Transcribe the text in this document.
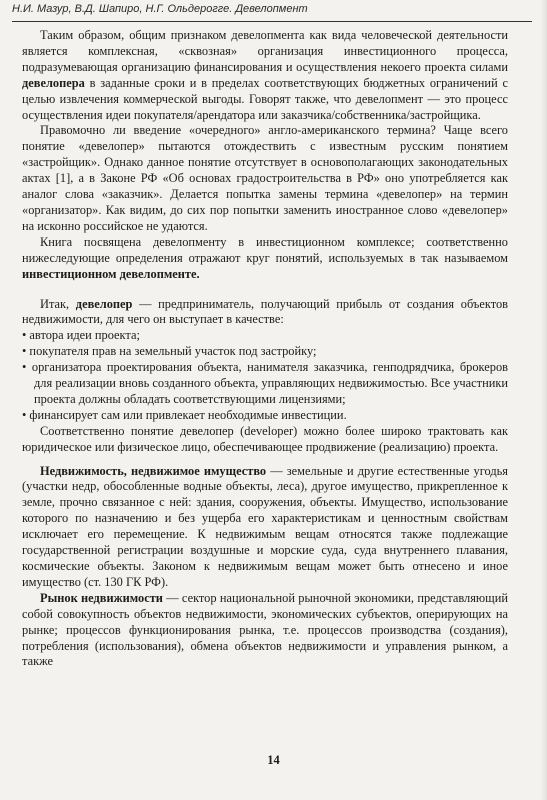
Н.И. Мазур, В.Д. Шапиро, Н.Г. Ольдерогге. Девелопмент

Таким образом, общим признаком девелопмента как вида человеческой деятельности является комплексная, «сквозная» организация инвестиционного процесса, подразумевающая организацию финансирования и осуществления некоего проекта силами девелопера в заданные сроки и в пределах соответствующих бюджетных ограничений с целью извлечения коммерческой выгоды. Говорят также, что девелопмент — это процесс осуществления идеи покупателя/арендатора или заказчика/собственника/застройщика.

Правомочно ли введение «очередного» англо-американского термина? Чаще всего понятие «девелопер» пытаются отождествить с известным русским понятием «застройщик». Однако данное понятие отсутствует в основополагающих законодательных актах [1], а в Законе РФ «Об основах градостроительства в РФ» оно употребляется как аналог слова «заказчик». Делается попытка замены термина «девелопер» на термин «организатор». Как видим, до сих пор попытки заменить иностранное слово «девелопер» на исконно российское не удаются.

Книга посвящена девелопменту в инвестиционном комплексе; соответственно нижеследующие определения отражают круг понятий, используемых в так называемом инвестиционном девелопменте.

Итак, девелопер — предприниматель, получающий прибыль от создания объектов недвижимости, для чего он выступает в качестве:

• автора идеи проекта;
• покупателя прав на земельный участок под застройку;
• организатора проектирования объекта, нанимателя заказчика, генподрядчика, брокеров для реализации вновь созданного объекта, управляющих недвижимостью. Все участники проекта должны обладать соответствующими лицензиями;
• финансирует сам или привлекает необходимые инвестиции.

Соответственно понятие девелопер (developer) можно более широко трактовать как юридическое или физическое лицо, обеспечивающее продвижение (реализацию) проекта.

Недвижимость, недвижимое имущество — земельные и другие естественные угодья (участки недр, обособленные водные объекты, леса), другое имущество, прикрепленное к земле, прочно связанное с ней: здания, сооружения, объекты. Имущество, использование которого по назначению и без ущерба его характеристикам и ценностным свойствам исключает его перемещение. К недвижимым вещам относятся также подлежащие государственной регистрации воздушные и морские суда, суда внутреннего плавания, космические объекты. Законом к недвижимым вещам может быть отнесено и иное имущество (ст. 130 ГК РФ).

Рынок недвижимости — сектор национальной рыночной экономики, представляющий собой совокупность объектов недвижимости, экономических субъектов, оперирующих на рынке; процессов функционирования рынка, т.е. процессов производства (создания), потребления (использования), обмена объектов недвижимости и управления рынком, а также

14
